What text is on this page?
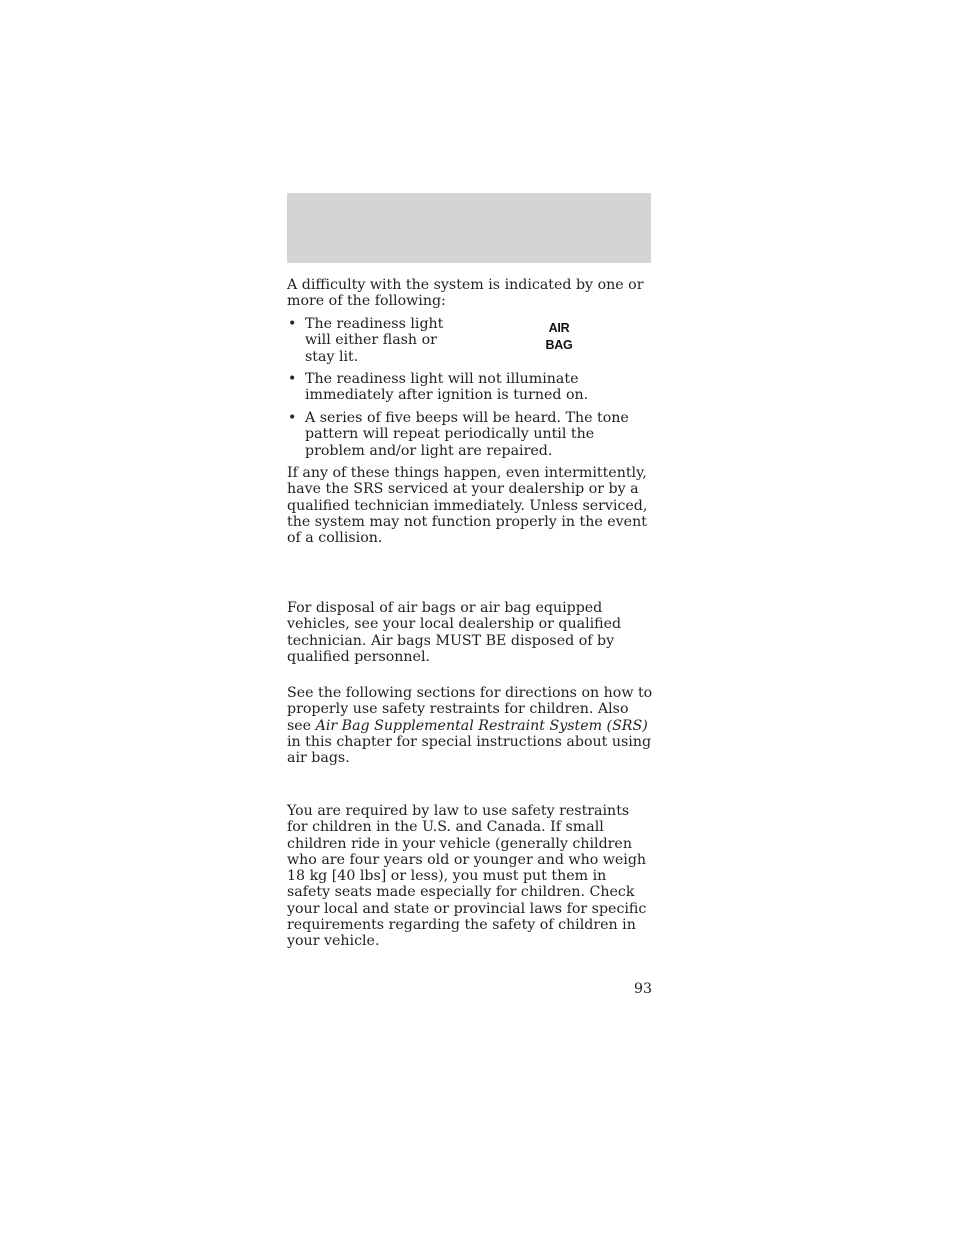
A difficulty with the system is indicated by one or more of the following:

• The readiness light will either flash or stay lit.
AIR
BAG
• The readiness light will not illuminate immediately after ignition is turned on.
• A series of five beeps will be heard. The tone pattern will repeat periodically until the problem and/or light are repaired.

If any of these things happen, even intermittently, have the SRS serviced at your dealership or by a qualified technician immediately. Unless serviced, the system may not function properly in the event of a collision.

For disposal of air bags or air bag equipped vehicles, see your local dealership or qualified technician. Air bags MUST BE disposed of by qualified personnel.

See the following sections for directions on how to properly use safety restraints for children. Also see Air Bag Supplemental Restraint System (SRS) in this chapter for special instructions about using air bags.

You are required by law to use safety restraints for children in the U.S. and Canada. If small children ride in your vehicle (generally children who are four years old or younger and who weigh 18 kg [40 lbs] or less), you must put them in safety seats made especially for children. Check your local and state or provincial laws for specific requirements regarding the safety of children in your vehicle.

93
